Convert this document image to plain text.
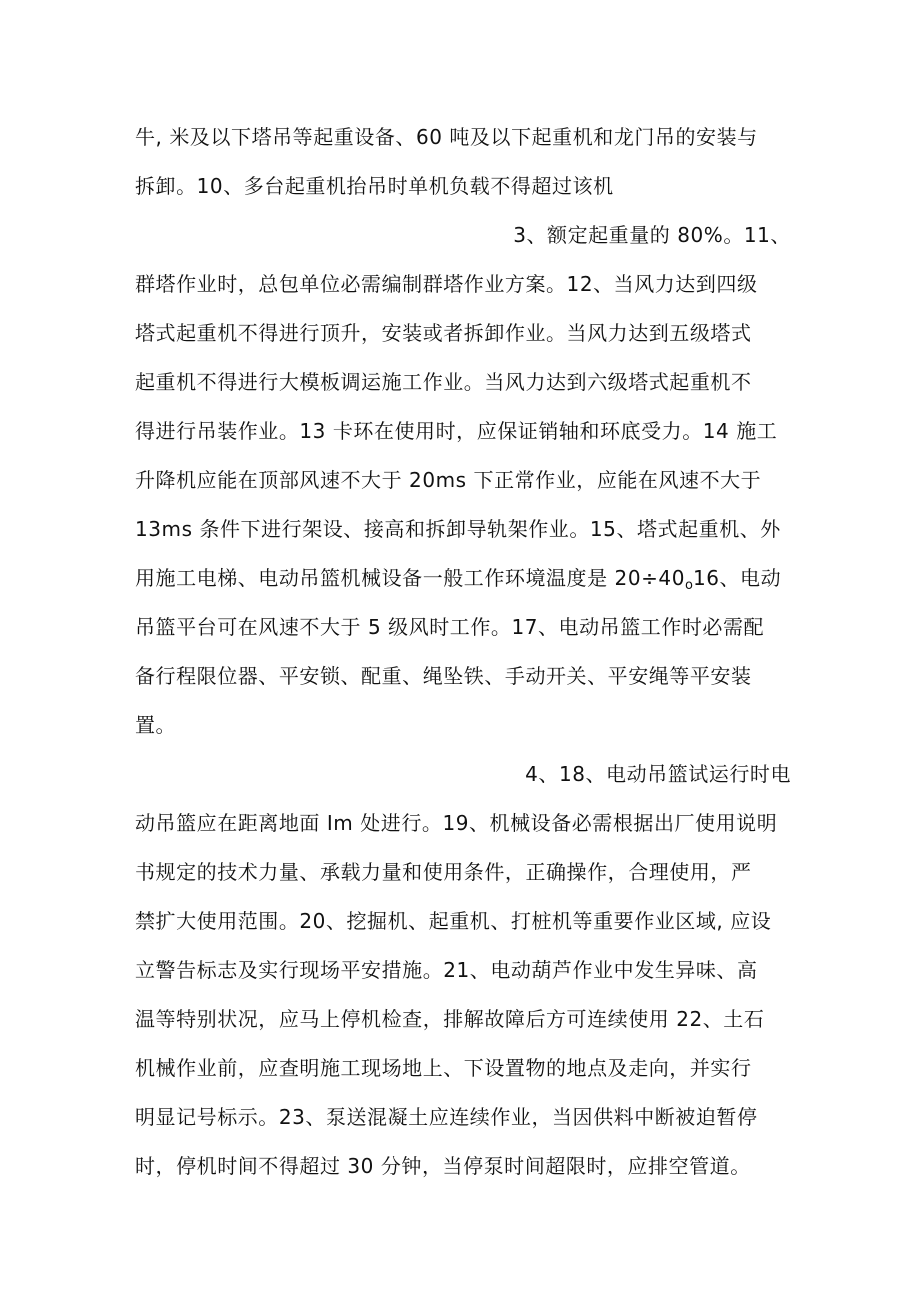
牛, 米及以下塔吊等起重设备、60 吨及以下起重机和龙门吊的安装与
拆卸。10、多台起重机抬吊时单机负载不得超过该机
3、额定起重量的 80%。11、
群塔作业时，总包单位必需编制群塔作业方案。12、当风力达到四级
塔式起重机不得进行顶升，安装或者拆卸作业。当风力达到五级塔式
起重机不得进行大模板调运施工作业。当风力达到六级塔式起重机不
得进行吊装作业。13 卡环在使用时，应保证销轴和环底受力。14 施工
升降机应能在顶部风速不大于 20ms 下正常作业，应能在风速不大于
13ms 条件下进行架设、接高和拆卸导轨架作业。15、塔式起重机、外
用施工电梯、电动吊篮机械设备一般工作环境温度是 $20\div 40_o16$、电动
吊篮平台可在风速不大于 5 级风时工作。17、电动吊篮工作时必需配
备行程限位器、平安锁、配重、绳坠铁、手动开关、平安绳等平安装
置。
4、18、电动吊篮试运行时电
动吊篮应在距离地面 Im 处进行。19、机械设备必需根据出厂使用说明
书规定的技术力量、承载力量和使用条件，正确操作，合理使用，严
禁扩大使用范围。20、挖掘机、起重机、打桩机等重要作业区域, 应设
立警告标志及实行现场平安措施。21、电动葫芦作业中发生异味、高
温等特别状况，应马上停机检查，排解故障后方可连续使用 22、土石
机械作业前，应查明施工现场地上、下设置物的地点及走向，并实行
明显记号标示。23、泵送混凝土应连续作业，当因供料中断被迫暂停
时，停机时间不得超过 30 分钟，当停泵时间超限时，应排空管道。
